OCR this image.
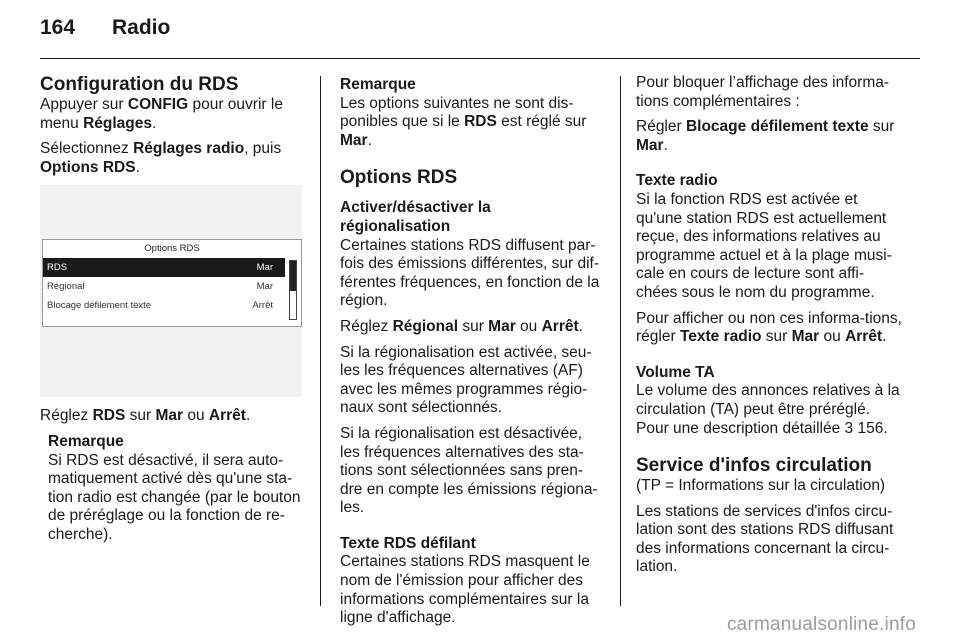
164 Radio
Configuration du RDS

Appuyer sur CONFIG pour ouvrir le menu Réglages.

Sélectionnez Réglages radio, puis Options RDS.

Options RDS
RDS	Mar
Régional	Mar
Blocage défilement texte	Arrêt

Réglez RDS sur Mar ou Arrêt.

Remarque
Si RDS est désactivé, il sera auto-matiquement activé dès qu'une sta-tion radio est changée (par le bouton de préréglage ou la fonction de re-cherche).
Remarque

Les options suivantes ne sont dis-ponibles que si le RDS est réglé sur Mar.

Options RDS
Activer/désactiver la régionalisation

Certaines stations RDS diffusent par-fois des émissions différentes, sur dif-férentes fréquences, en fonction de la région.

Réglez Régional sur Mar ou Arrêt.

Si la régionalisation est activée, seu-les les fréquences alternatives (AF) avec les mêmes programmes régio-naux sont sélectionnés.

Si la régionalisation est désactivée, les fréquences alternatives des sta-tions sont sélectionnées sans pren-dre en compte les émissions régiona-les.

Texte RDS défilant

Certaines stations RDS masquent le nom de l'émission pour afficher des informations complémentaires sur la ligne d'affichage.

Pour bloquer l’affichage des informa-tions complémentaires :

Régler Blocage défilement texte sur Mar.

Texte radio

Si la fonction RDS est activée et qu'une station RDS est actuellement reçue, des informations relatives au programme actuel et à la plage musi-cale en cours de lecture sont affi-chées sous le nom du programme.

Pour afficher ou non ces informa-tions, régler Texte radio sur Mar ou Arrêt.

Volume TA

Le volume des annonces relatives à la circulation (TA) peut être préréglé. Pour une description détaillée 3 156.

Service d'infos circulation

(TP = Informations sur la circulation)

Les stations de services d'infos circu-lation sont des stations RDS diffusant des informations concernant la circu-lation.

carmanualsonline.info
